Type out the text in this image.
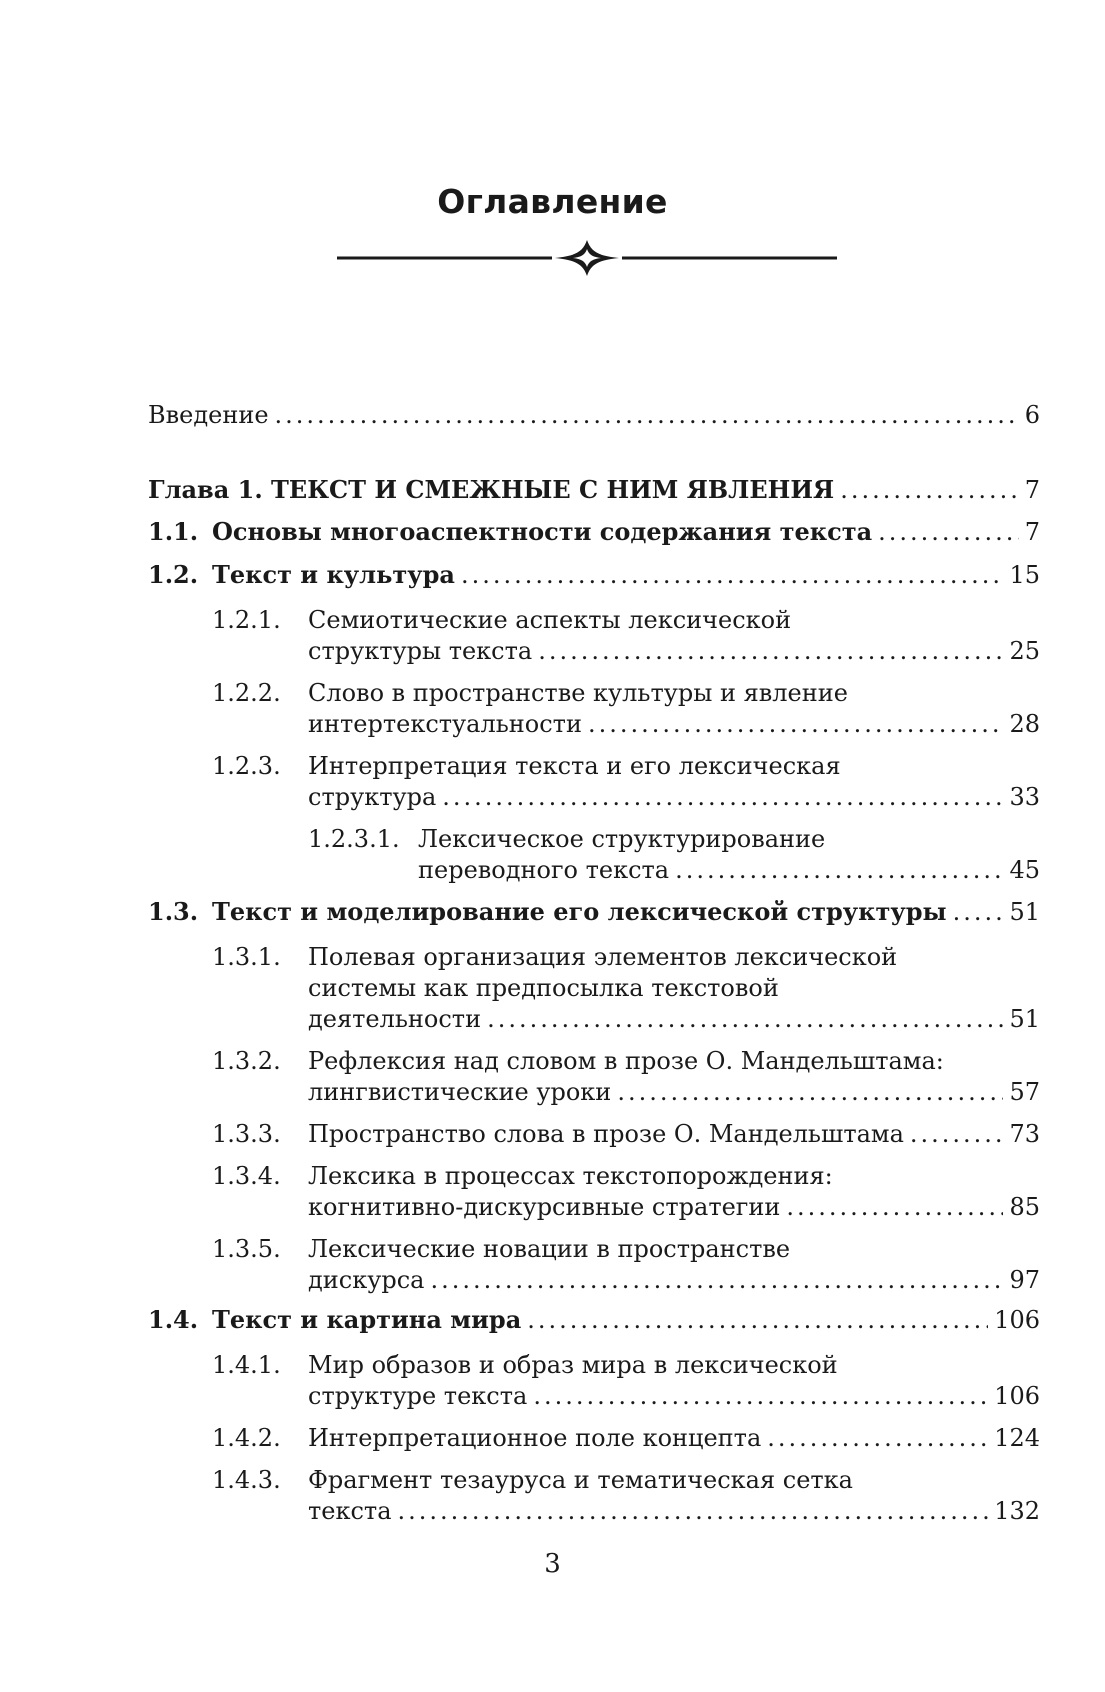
Оглавление
Введение .....	6
Глава 1. ТЕКСТ И СМЕЖНЫЕ С НИМ ЯВЛЕНИЯ .....	7
1.1. Основы многоаспектности содержания текста .....	7
1.2. Текст и культура .....	15
1.2.1.	Семиотические аспекты лексической
структуры текста .....	25
1.2.2.	Слово в пространстве культуры и явление
интертекстуальности .....	28
1.2.3.	Интерпретация текста и его лексическая
структура .....	33
1.2.3.1. Лексическое структурирование
переводного текста .....	45
1.3. Текст и моделирование его лексической структуры .....	51
1.3.1.	Полевая организация элементов лексической
системы как предпосылка текстовой
деятельности .....	51
1.3.2.	Рефлексия над словом в прозе О. Мандельштама:
лингвистические уроки .....	57
1.3.3.	Пространство слова в прозе О. Мандельштама .....	73
1.3.4.	Лексика в процессах текстопорождения:
когнитивно-дискурсивные стратегии .....	85
1.3.5.	Лексические новации в пространстве
дискурса .....	97
1.4. Текст и картина мира .....	106
1.4.1.	Мир образов и образ мира в лексической
структуре текста .....	106
1.4.2.	Интерпретационное поле концепта .....	124
1.4.3.	Фрагмент тезауруса и тематическая сетка
текста .....	132
3
